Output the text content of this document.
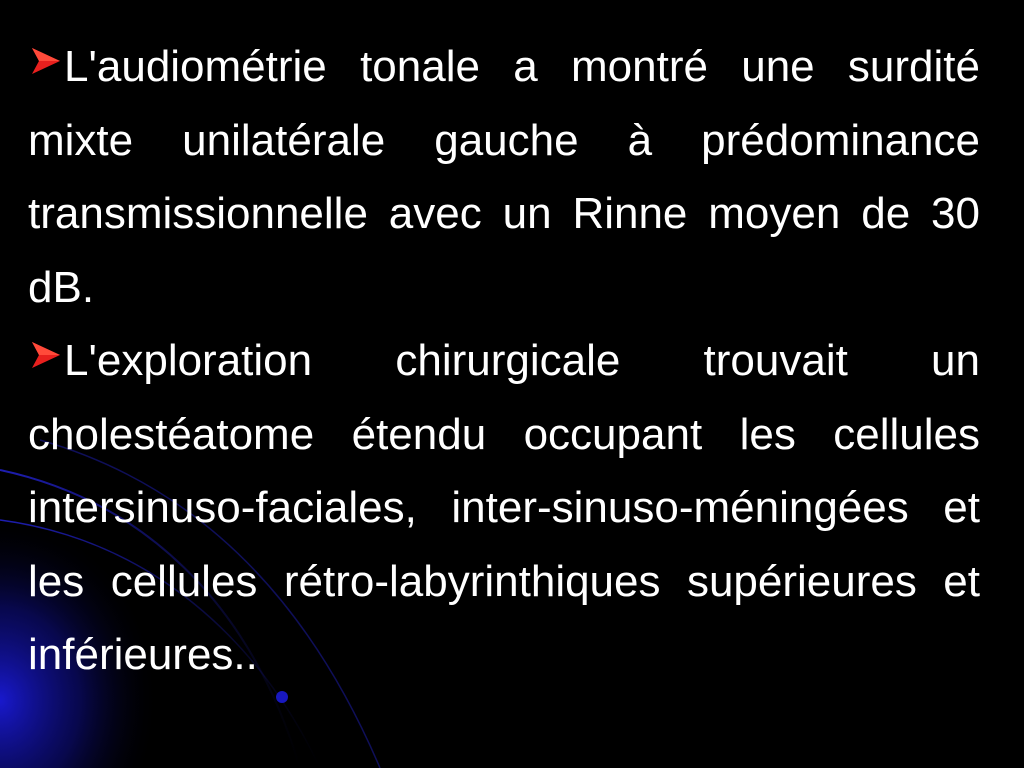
L'audiométrie tonale a montré une surdité mixte unilatérale gauche à prédominance transmissionnelle avec un Rinne moyen de 30 dB.

L'exploration chirurgicale trouvait un cholestéatome étendu occupant les cellules intersinuso-faciales, inter-sinuso-méningées et les cellules rétro-labyrinthiques supérieures et inférieures..
